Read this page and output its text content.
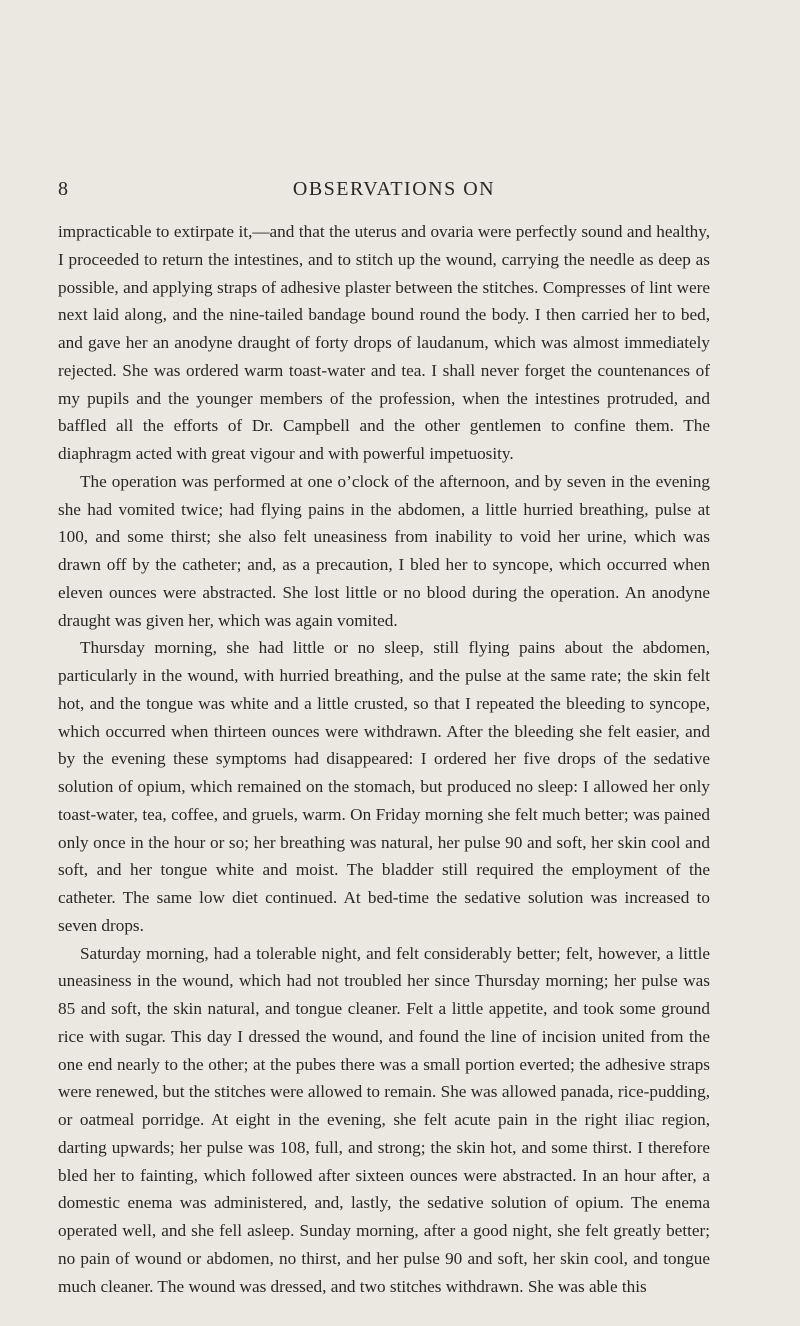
8	OBSERVATIONS ON

impracticable to extirpate it,—and that the uterus and ovaria were perfectly sound and healthy, I proceeded to return the intestines, and to stitch up the wound, carrying the needle as deep as possible, and applying straps of adhesive plaster between the stitches. Compresses of lint were next laid along, and the nine-tailed bandage bound round the body. I then carried her to bed, and gave her an anodyne draught of forty drops of laudanum, which was almost immediately rejected. She was ordered warm toast-water and tea. I shall never forget the countenances of my pupils and the younger members of the profession, when the intestines protruded, and baffled all the efforts of Dr. Campbell and the other gentlemen to confine them. The diaphragm acted with great vigour and with powerful impetuosity.

The operation was performed at one o’clock of the afternoon, and by seven in the evening she had vomited twice; had flying pains in the abdomen, a little hurried breathing, pulse at 100, and some thirst; she also felt uneasiness from inability to void her urine, which was drawn off by the catheter; and, as a precaution, I bled her to syncope, which occurred when eleven ounces were abstracted. She lost little or no blood during the operation. An anodyne draught was given her, which was again vomited.

Thursday morning, she had little or no sleep, still flying pains about the abdomen, particularly in the wound, with hurried breathing, and the pulse at the same rate; the skin felt hot, and the tongue was white and a little crusted, so that I repeated the bleeding to syncope, which occurred when thirteen ounces were withdrawn. After the bleeding she felt easier, and by the evening these symptoms had disappeared: I ordered her five drops of the sedative solution of opium, which remained on the stomach, but produced no sleep: I allowed her only toast-water, tea, coffee, and gruels, warm. On Friday morning she felt much better; was pained only once in the hour or so; her breathing was natural, her pulse 90 and soft, her skin cool and soft, and her tongue white and moist. The bladder still required the employment of the catheter. The same low diet continued. At bed-time the sedative solution was increased to seven drops.

Saturday morning, had a tolerable night, and felt considerably better; felt, however, a little uneasiness in the wound, which had not troubled her since Thursday morning; her pulse was 85 and soft, the skin natural, and tongue cleaner. Felt a little appetite, and took some ground rice with sugar. This day I dressed the wound, and found the line of incision united from the one end nearly to the other; at the pubes there was a small portion everted; the adhesive straps were renewed, but the stitches were allowed to remain. She was allowed panada, rice-pudding, or oatmeal porridge. At eight in the evening, she felt acute pain in the right iliac region, darting upwards; her pulse was 108, full, and strong; the skin hot, and some thirst. I therefore bled her to fainting, which followed after sixteen ounces were abstracted. In an hour after, a domestic enema was administered, and, lastly, the sedative solution of opium. The enema operated well, and she fell asleep. Sunday morning, after a good night, she felt greatly better; no pain of wound or abdomen, no thirst, and her pulse 90 and soft, her skin cool, and tongue much cleaner. The wound was dressed, and two stitches withdrawn. She was able this
